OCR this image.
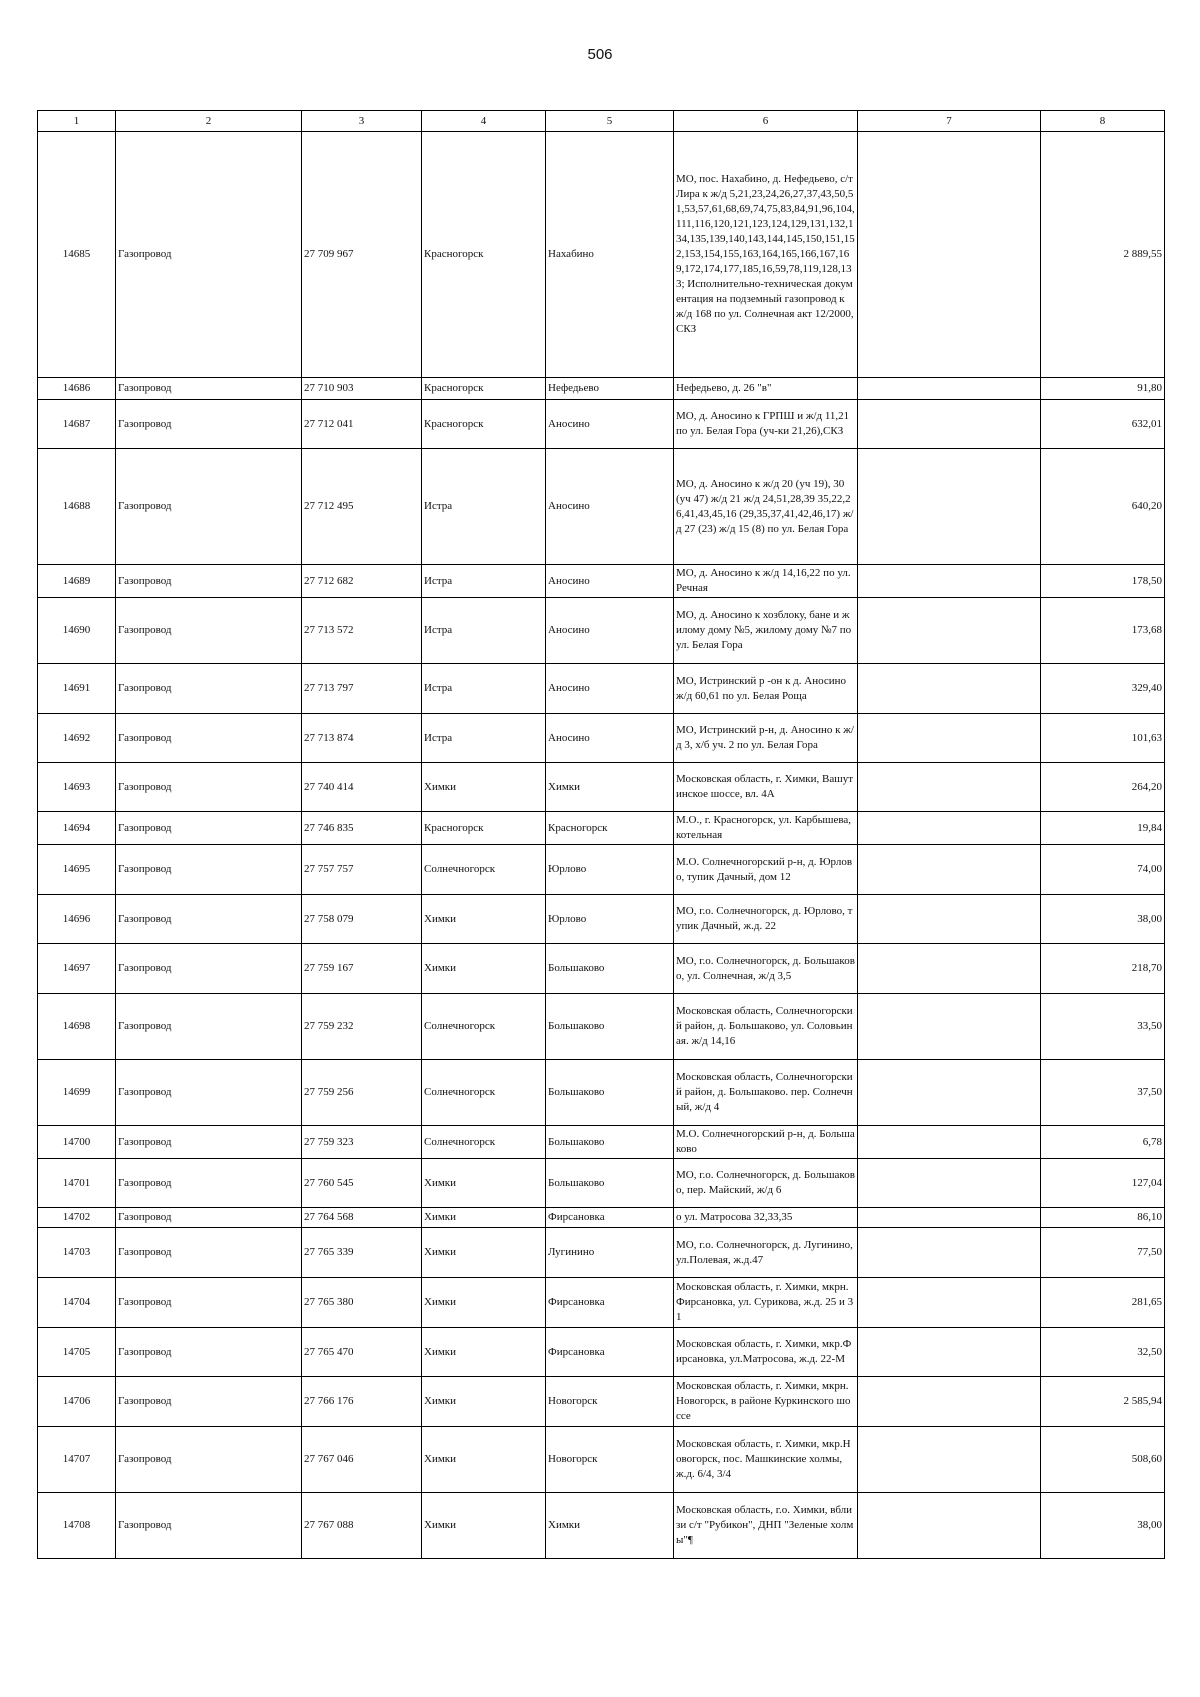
506
1	2	3	4	5	6	7	8
14685	Газопровод	27 709 967	Красногорск	Нахабино	МО, пос. Нахабино, д. Нефедьево, с/т Лира к ж/д 5,21,23,24,26,27,37,43,50,51,53,57,61,68,69,74,75,83,84,91,96,104,111,116,120,121,123,124,129,131,132,134,135,139,140,143,144,145,150,151,152,153,154,155,163,164,165,166,167,169,172,174,177,185,16,59,78,119,128,133; Исполнительно-техническая документация на подземный газопровод к ж/д 168 по ул. Солнечная акт 12/2000,СКЗ		2 889,55
14686	Газопровод	27 710 903	Красногорск	Нефедьево	Нефедьево, д. 26 "в"		91,80
14687	Газопровод	27 712 041	Красногорск	Аносино	МО, д. Аносино к ГРПШ и ж/д 11,21 по ул. Белая Гора (уч-ки 21,26),СКЗ		632,01
14688	Газопровод	27 712 495	Истра	Аносино	МО, д. Аносино к ж/д 20 (уч 19), 30 (уч 47) ж/д 21 ж/д 24,51,28,39 35,22,26,41,43,45,16 (29,35,37,41,42,46,17) ж/д 27 (23) ж/д 15 (8) по ул. Белая Гора		640,20
14689	Газопровод	27 712 682	Истра	Аносино	МО, д. Аносино к ж/д 14,16,22 по ул. Речная		178,50
14690	Газопровод	27 713 572	Истра	Аносино	МО, д. Аносино к хозблоку, бане и жилому дому №5, жилому дому №7 по ул. Белая Гора		173,68
14691	Газопровод	27 713 797	Истра	Аносино	МО, Истринский р -он к д. Аносино ж/д 60,61 по ул. Белая Роща		329,40
14692	Газопровод	27 713 874	Истра	Аносино	МО, Истринский р-н, д. Аносино к ж/д 3, х/б уч. 2 по ул. Белая Гора		101,63
14693	Газопровод	27 740 414	Химки	Химки	Московская область, г. Химки, Вашутинское шоссе, вл. 4А		264,20
14694	Газопровод	27 746 835	Красногорск	Красногорск	М.О., г. Красногорск, ул. Карбышева, котельная		19,84
14695	Газопровод	27 757 757	Солнечногорск	Юрлово	М.О. Солнечногорский р-н, д. Юрлово, тупик Дачный, дом 12		74,00
14696	Газопровод	27 758 079	Химки	Юрлово	МО, г.о. Солнечногорск, д. Юрлово, тупик Дачный, ж.д. 22		38,00
14697	Газопровод	27 759 167	Химки	Большаково	МО, г.о. Солнечногорск, д. Большаково, ул. Солнечная, ж/д 3,5		218,70
14698	Газопровод	27 759 232	Солнечногорск	Большаково	Московская область, Солнечногорский район, д. Большаково, ул. Соловьиная. ж/д 14,16		33,50
14699	Газопровод	27 759 256	Солнечногорск	Большаково	Московская область, Солнечногорский район, д. Большаково. пер. Солнечный, ж/д 4		37,50
14700	Газопровод	27 759 323	Солнечногорск	Большаково	М.О. Солнечногорский р-н, д. Большаково		6,78
14701	Газопровод	27 760 545	Химки	Большаково	МО, г.о. Солнечногорск, д. Большаково, пер. Майский, ж/д 6		127,04
14702	Газопровод	27 764 568	Химки	Фирсановка	о ул. Матросова 32,33,35		86,10
14703	Газопровод	27 765 339	Химки	Лугинино	МО, г.о. Солнечногорск, д. Лугинино, ул.Полевая, ж.д.47		77,50
14704	Газопровод	27 765 380	Химки	Фирсановка	Московская область, г. Химки, мкрн. Фирсановка, ул. Сурикова, ж.д. 25 и 31		281,65
14705	Газопровод	27 765 470	Химки	Фирсановка	Московская область, г. Химки, мкр.Фирсановка, ул.Матросова, ж.д. 22-М		32,50
14706	Газопровод	27 766 176	Химки	Новогорск	Московская область, г. Химки, мкрн. Новогорск, в районе Куркинского шоссе		2 585,94
14707	Газопровод	27 767 046	Химки	Новогорск	Московская область, г. Химки, мкр.Новогорск, пос. Машкинские холмы, ж.д. 6/4, 3/4		508,60
14708	Газопровод	27 767 088	Химки	Химки	Московская область, г.о. Химки, вблизи с/т "Рубикон", ДНП "Зеленые холмы"¶		38,00
